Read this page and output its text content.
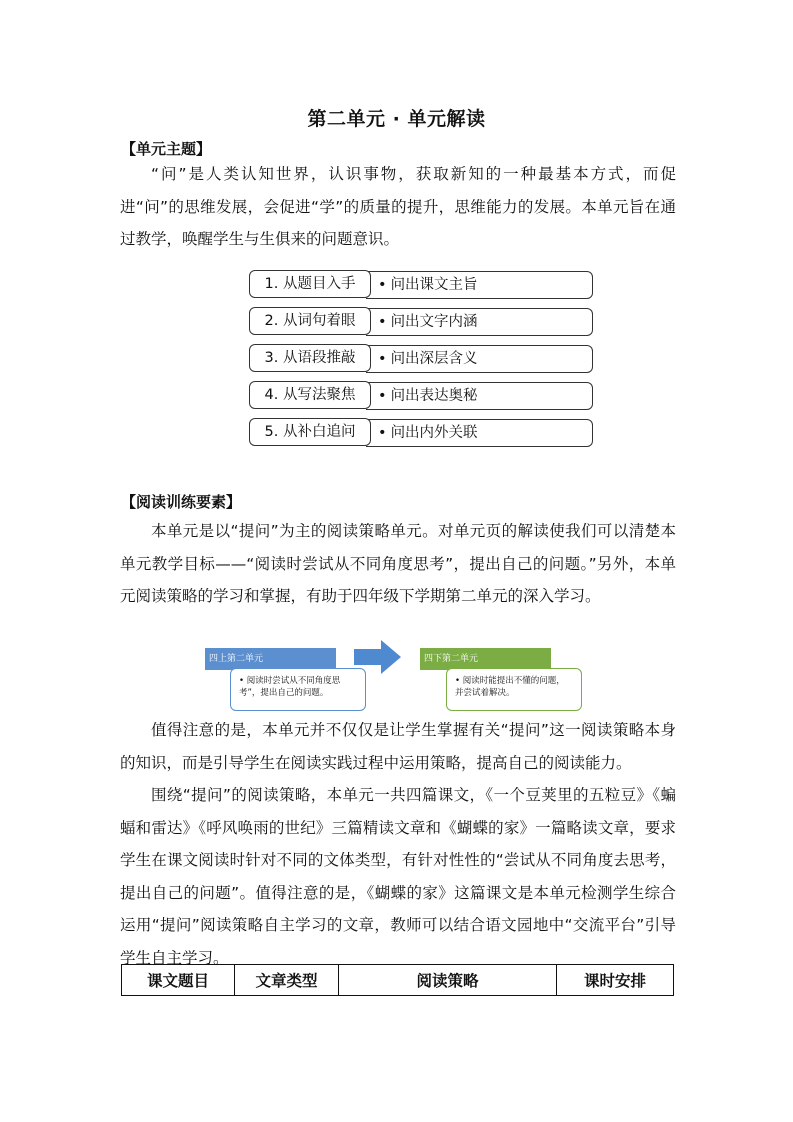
第二单元 · 单元解读
【单元主题】

“问”是人类认知世界，认识事物，获取新知的一种最基本方式，而促进“问”的思维发展，会促进“学”的质量的提升，思维能力的发展。本单元旨在通过教学，唤醒学生与生俱来的问题意识。

1. 从题目入手	• 问出课文主旨
2. 从词句着眼	• 问出文字内涵
3. 从语段推敲	• 问出深层含义
4. 从写法聚焦	• 问出表达奥秘
5. 从补白追问	• 问出内外关联
【阅读训练要素】

本单元是以“提问”为主的阅读策略单元。对单元页的解读使我们可以清楚本单元教学目标——“阅读时尝试从不同角度思考”，提出自己的问题。”另外，本单元阅读策略的学习和掌握，有助于四年级下学期第二单元的深入学习。

四上第二单元
• 阅读时尝试从不同角度思考”，提出自己的问题。
四下第二单元
• 阅读时能提出不懂的问题，并尝试着解决。

值得注意的是，本单元并不仅仅是让学生掌握有关“提问”这一阅读策略本身的知识，而是引导学生在阅读实践过程中运用策略，提高自己的阅读能力。

围绕“提问”的阅读策略，本单元一共四篇课文，《一个豆荚里的五粒豆》《蝙蝠和雷达》《呼风唤雨的世纪》三篇精读文章和《蝴蝶的家》一篇略读文章，要求学生在课文阅读时针对不同的文体类型，有针对性性的“尝试从不同角度去思考，提出自己的问题”。值得注意的是，《蝴蝶的家》这篇课文是本单元检测学生综合运用“提问”阅读策略自主学习的文章，教师可以结合语文园地中“交流平台”引导学生自主学习。

课文题目	文章类型	阅读策略	课时安排
